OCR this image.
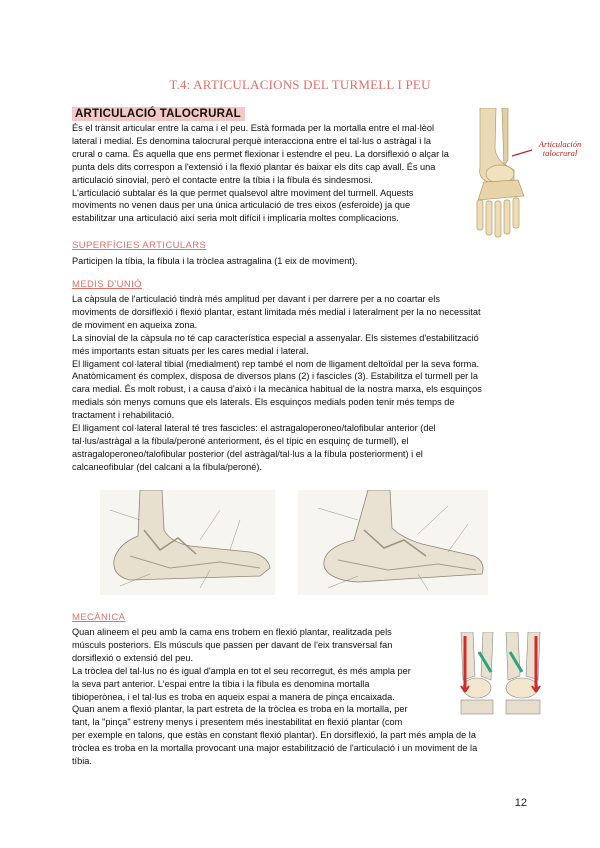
T.4: ARTICULACIONS DEL TURMELL I PEU
ARTICULACIÓ TALOCRURAL

És el trànsit articular entre la cama i el peu. Està formada per la mortalla entre el mal·lèol

lateral i medial. Es denomina talocrural perquè interacciona entre el tal·lus o astràgal i la

crural o cama. És aquella que ens permet flexionar i estendre el peu. La dorsiflexió o alçar la

punta dels dits correspon a l'extensió i la flexió plantar és baixar els dits cap avall. És una

articulació sinovial, però el contacte entre la tíbia i la fíbula és sindesmosi.

L'articulació subtalar és la que permet qualsevol altre moviment del turmell. Aquests

moviments no venen daus per una única articulació de tres eixos (esferoide) ja que

estabilitzar una articulació així seria molt difícil i implicaria moltes complicacions.

Articulación
talocrural
SUPERFÍCIES ARTICULARS

Participen la tíbia, la fíbula i la tròclea astragalina (1 eix de moviment).

MEDIS D'UNIÓ

La càpsula de l'articulació tindrà més amplitud per davant i per darrere per a no coartar els

moviments de dorsiflexió i flexió plantar, estant limitada més medial i lateralment per la no necessitat

de moviment en aqueixa zona.

La sinovial de la càpsula no té cap característica especial a assenyalar. Els sistemes d'estabilització

més importants estan situats per les cares medial i lateral.

El lligament col·lateral tibial (medialment) rep també el nom de lligament deltoïdal per la seva forma.

Anatòmicament és complex, disposa de diversos plans (2) i fascicles (3). Estabilitza el turmell per la

cara medial. És molt robust, i a causa d'això i la mecànica habitual de la nostra marxa, els esquinços

medials són menys comuns que els laterals. Els esquinços medials poden tenir més temps de

tractament i rehabilitació.

El lligament col·lateral lateral té tres fascicles: el astragaloperoneo/talofibular anterior (del

tal·lus/astràgal a la fíbula/peroné anteriorment, és el típic en esquinç de turmell), el

astragaloperoneo/talofibular posterior (del astràgal/tal·lus a la fíbula posteriorment) i el

calcaneofibular (del calcani a la fíbula/peroné).

MECÀNICA

Quan alineem el peu amb la cama ens trobem en flexió plantar, realitzada pels

músculs posteriors. Els músculs que passen per davant de l'eix transversal fan

dorsiflexió o extensió del peu.

La tròclea del tal·lus no és igual d'ampla en tot el seu recorregut, és més ampla per

la seva part anterior. L'espai entre la tíbia i la fíbula es denomina mortalla

tibioperònea, i el tal·lus es troba en aqueix espai a manera de pinça encaixada.

Quan anem a flexió plantar, la part estreta de la tròclea es troba en la mortalla, per

tant, la "pinça" estreny menys i presentem més inestabilitat en flexió plantar (com

per exemple en talons, que estàs en constant flexió plantar). En dorsiflexió, la part més ampla de la

tròclea es troba en la mortalla provocant una major estabilització de l'articulació i un moviment de la

tíbia.

12
